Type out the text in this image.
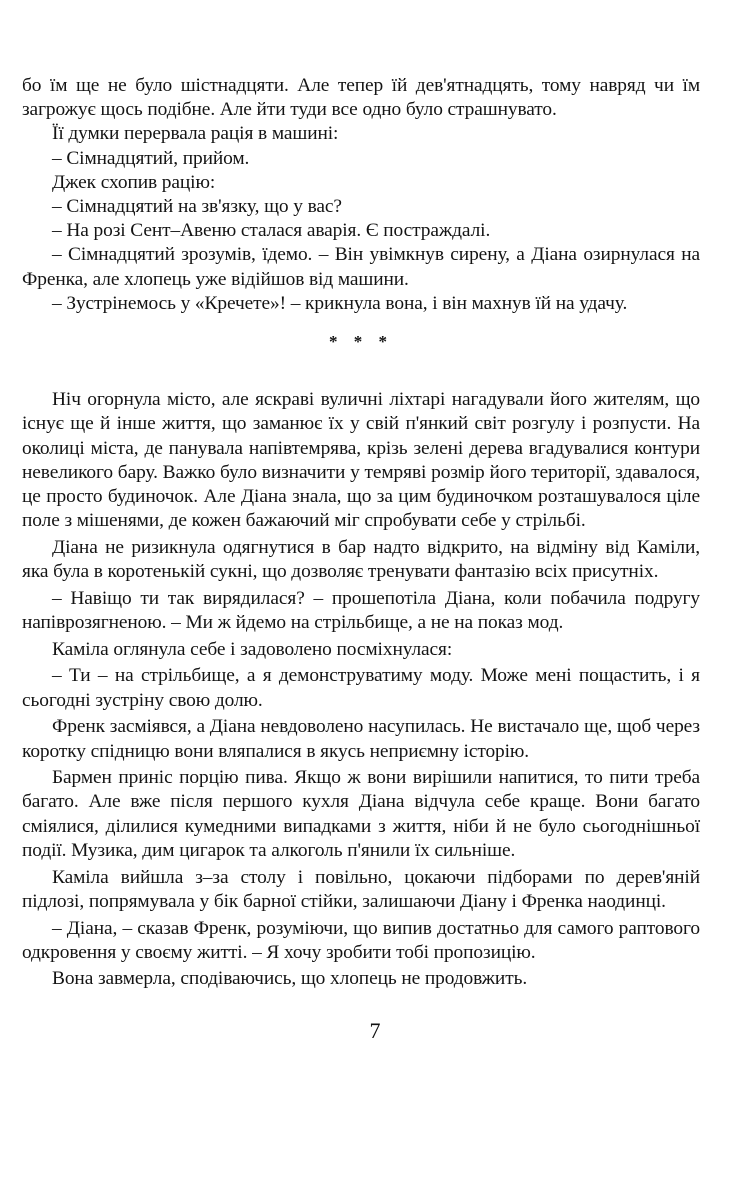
бо їм ще не було шістнадцяти. Але тепер їй дев'ятнадцять, тому навряд чи їм загрожує щось подібне. Але йти туди все одно було страшнувато.

Її думки перервала рація в машині:

– Сімнадцятий, прийом.

Джек схопив рацію:

– Сімнадцятий на зв'язку, що у вас?

– На розі Сент–Авеню сталася аварія. Є постраждалі.

– Сімнадцятий зрозумів, їдемо. – Він увімкнув сирену, а Діана озирнулася на Френка, але хлопець уже відійшов від машини.

– Зустрінемось у «Кречете»! – крикнула вона, і він махнув їй на удачу.

* * *

Ніч огорнула місто, але яскраві вуличні ліхтарі нагадували його жителям, що існує ще й інше життя, що заманює їх у свій п'янкий світ розгулу і розпусти. На околиці міста, де панувала напівтемрява, крізь зелені дерева вгадувалися контури невеликого бару. Важко було визначити у темряві розмір його території, здавалося, це просто будиночок. Але Діана знала, що за цим будиночком розташувалося ціле поле з мішенями, де кожен бажаючий міг спробувати себе у стрільбі.

Діана не ризикнула одягнутися в бар надто відкрито, на відміну від Каміли, яка була в коротенькій сукні, що дозволяє тренувати фантазію всіх присутніх.

– Навіщо ти так вирядилася? – прошепотіла Діана, коли побачила подругу напіврозягненою. – Ми ж йдемо на стрільбище, а не на показ мод.

Каміла оглянула себе і задоволено посміхнулася:

– Ти – на стрільбище, а я демонструватиму моду. Може мені пощастить, і я сьогодні зустріну свою долю.

Френк засміявся, а Діана невдоволено насупилась. Не вистачало ще, щоб через коротку спідницю вони вляпалися в якусь неприємну історію.

Бармен приніс порцію пива. Якщо ж вони вирішили напитися, то пити треба багато. Але вже після першого кухля Діана відчула себе краще. Вони багато сміялися, ділилися кумедними випадками з життя, ніби й не було сьогоднішньої події. Музика, дим цигарок та алкоголь п'янили їх сильніше.

Каміла вийшла з–за столу і повільно, цокаючи підборами по дерев'яній підлозі, попрямувала у бік барної стійки, залишаючи Діану і Френка наодинці.

– Діана, – сказав Френк, розуміючи, що випив достатньо для самого раптового одкровення у своєму житті. – Я хочу зробити тобі пропозицію.

Вона завмерла, сподіваючись, що хлопець не продовжить.

7
